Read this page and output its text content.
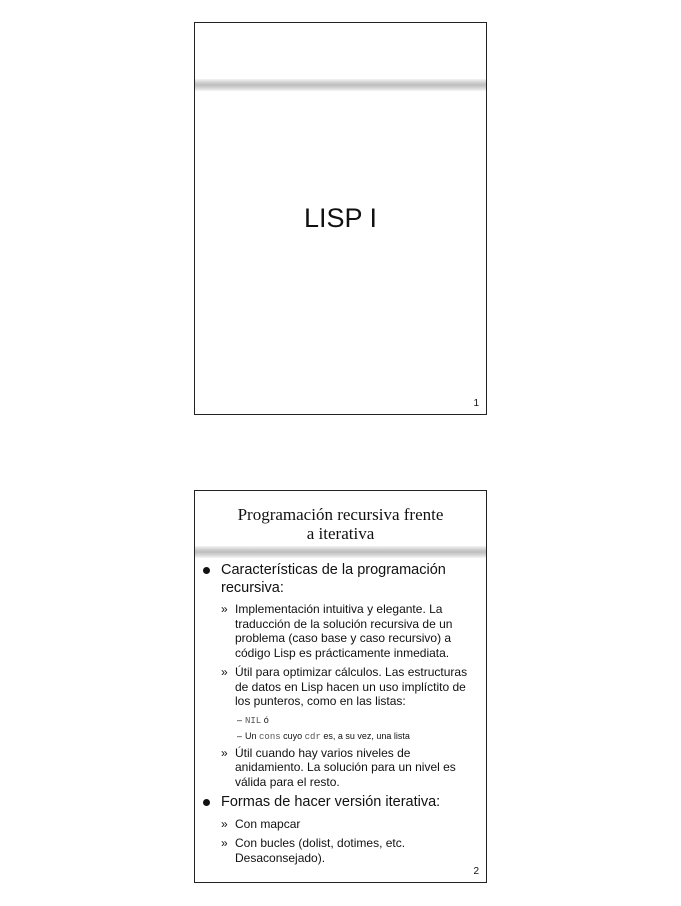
LISP I
1
Programación recursiva frente
a iterativa
Características de la programación recursiva:
» Implementación intuitiva y elegante. La traducción de la solución recursiva de un problema (caso base y caso recursivo) a código Lisp es prácticamente inmediata.
» Útil para optimizar cálculos. Las estructuras de datos en Lisp hacen un uso implíctito de los punteros, como en las listas:
– NIL ó
– Un cons cuyo cdr es, a su vez, una lista
» Útil cuando hay varios niveles de anidamiento. La solución para un nivel es válida para el resto.
Formas de hacer versión iterativa:
» Con mapcar
» Con bucles (dolist, dotimes, etc. Desaconsejado).
2
